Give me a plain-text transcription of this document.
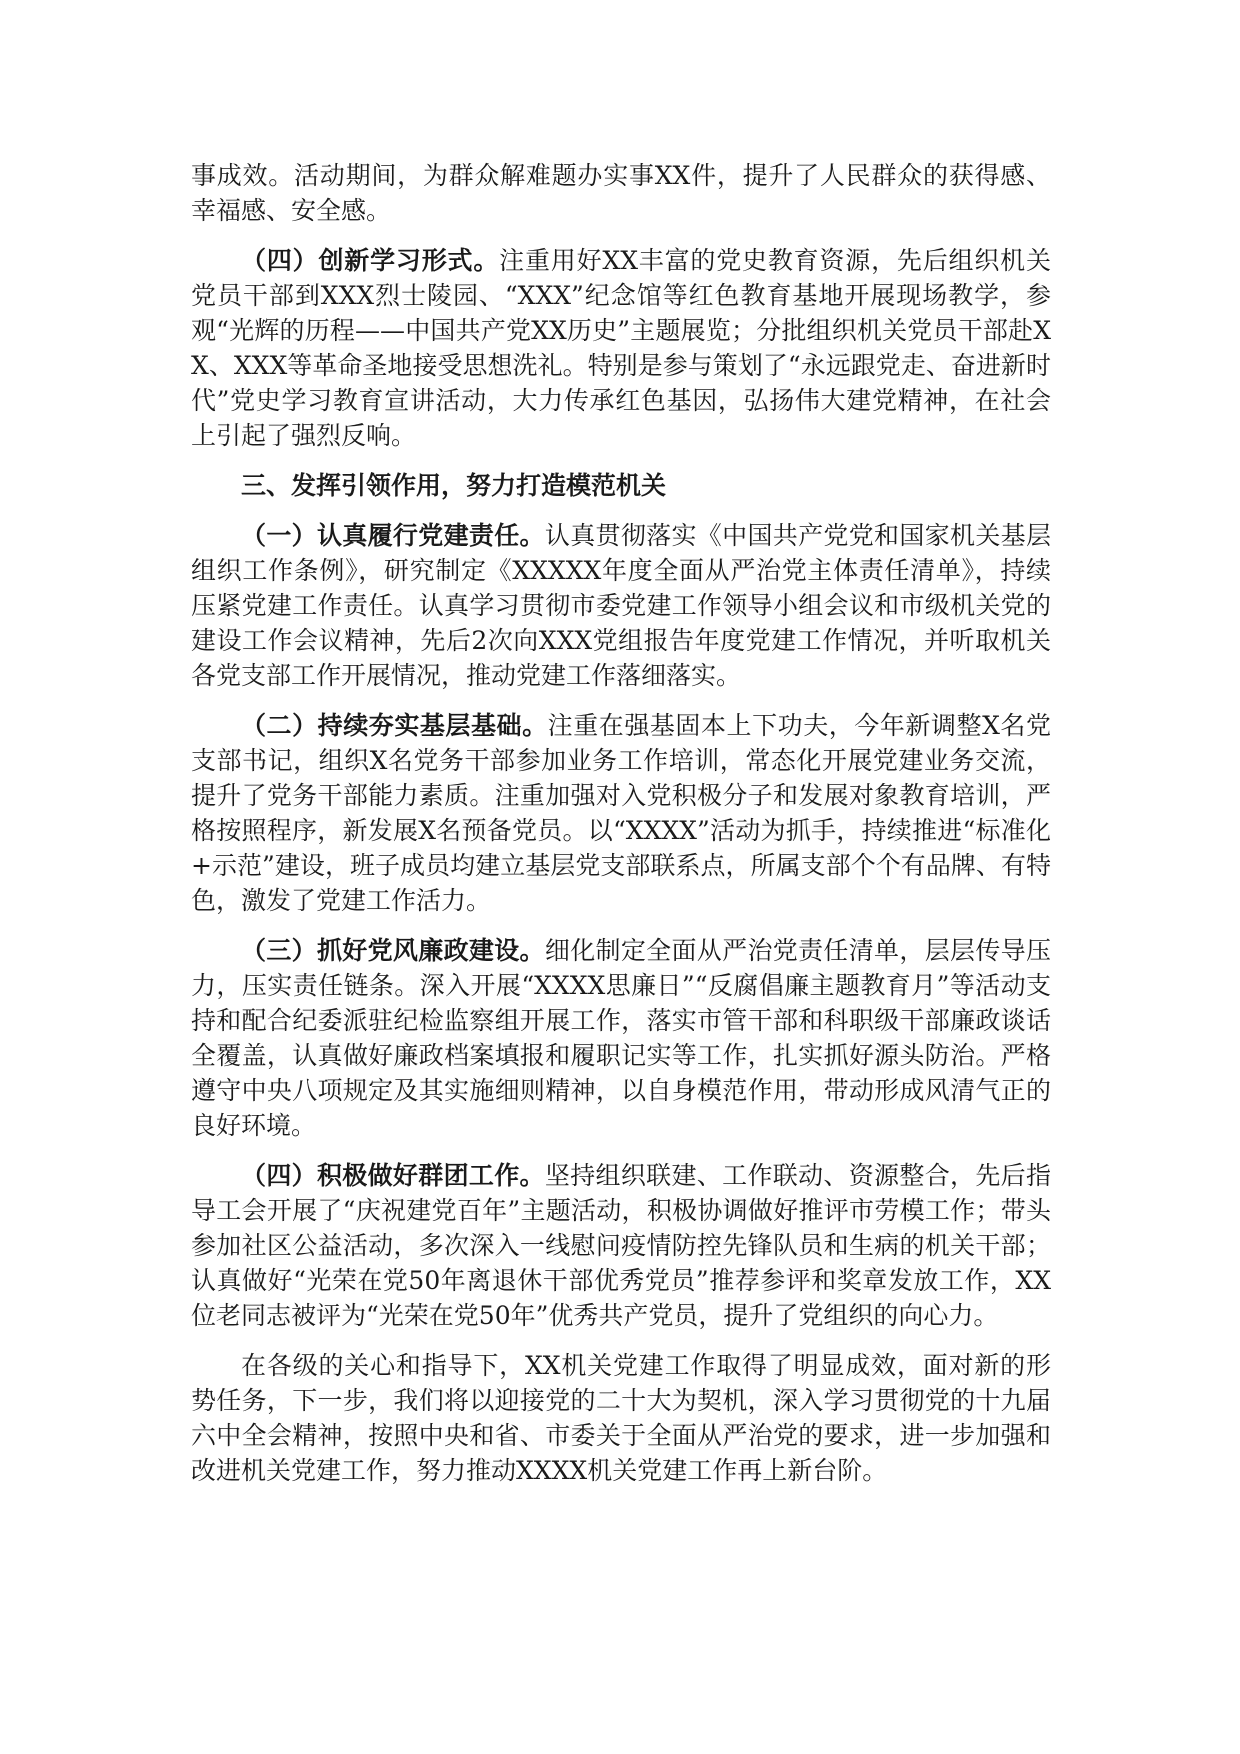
事成效。活动期间，为群众解难题办实事XX件，提升了人民群众的获得感、幸福感、安全感。

（四）创新学习形式。注重用好XX丰富的党史教育资源，先后组织机关党员干部到XXX烈士陵园、“XXX”纪念馆等红色教育基地开展现场教学，参观“光辉的历程——中国共产党XX历史”主题展览；分批组织机关党员干部赴XX、XXX等革命圣地接受思想洗礼。特别是参与策划了“永远跟党走、奋进新时代”党史学习教育宣讲活动，大力传承红色基因，弘扬伟大建党精神，在社会上引起了强烈反响。

三、发挥引领作用，努力打造模范机关

（一）认真履行党建责任。认真贯彻落实《中国共产党党和国家机关基层组织工作条例》，研究制定《XXXXX年度全面从严治党主体责任清单》，持续压紧党建工作责任。认真学习贯彻市委党建工作领导小组会议和市级机关党的建设工作会议精神，先后2次向XXX党组报告年度党建工作情况，并听取机关各党支部工作开展情况，推动党建工作落细落实。

（二）持续夯实基层基础。注重在强基固本上下功夫，今年新调整X名党支部书记，组织X名党务干部参加业务工作培训，常态化开展党建业务交流，提升了党务干部能力素质。注重加强对入党积极分子和发展对象教育培训，严格按照程序，新发展X名预备党员。以“XXXX”活动为抓手，持续推进“标准化+示范”建设，班子成员均建立基层党支部联系点，所属支部个个有品牌、有特色，激发了党建工作活力。

（三）抓好党风廉政建设。细化制定全面从严治党责任清单，层层传导压力，压实责任链条。深入开展“XXXX思廉日”“反腐倡廉主题教育月”等活动支持和配合纪委派驻纪检监察组开展工作，落实市管干部和科职级干部廉政谈话全覆盖，认真做好廉政档案填报和履职记实等工作，扎实抓好源头防治。严格遵守中央八项规定及其实施细则精神，以自身模范作用，带动形成风清气正的良好环境。

（四）积极做好群团工作。坚持组织联建、工作联动、资源整合，先后指导工会开展了“庆祝建党百年”主题活动，积极协调做好推评市劳模工作；带头参加社区公益活动，多次深入一线慰问疫情防控先锋队员和生病的机关干部；认真做好“光荣在党50年离退休干部优秀党员”推荐参评和奖章发放工作，XX位老同志被评为“光荣在党50年”优秀共产党员，提升了党组织的向心力。

在各级的关心和指导下，XX机关党建工作取得了明显成效，面对新的形势任务，下一步，我们将以迎接党的二十大为契机，深入学习贯彻党的十九届六中全会精神，按照中央和省、市委关于全面从严治党的要求，进一步加强和改进机关党建工作，努力推动XXXX机关党建工作再上新台阶。
